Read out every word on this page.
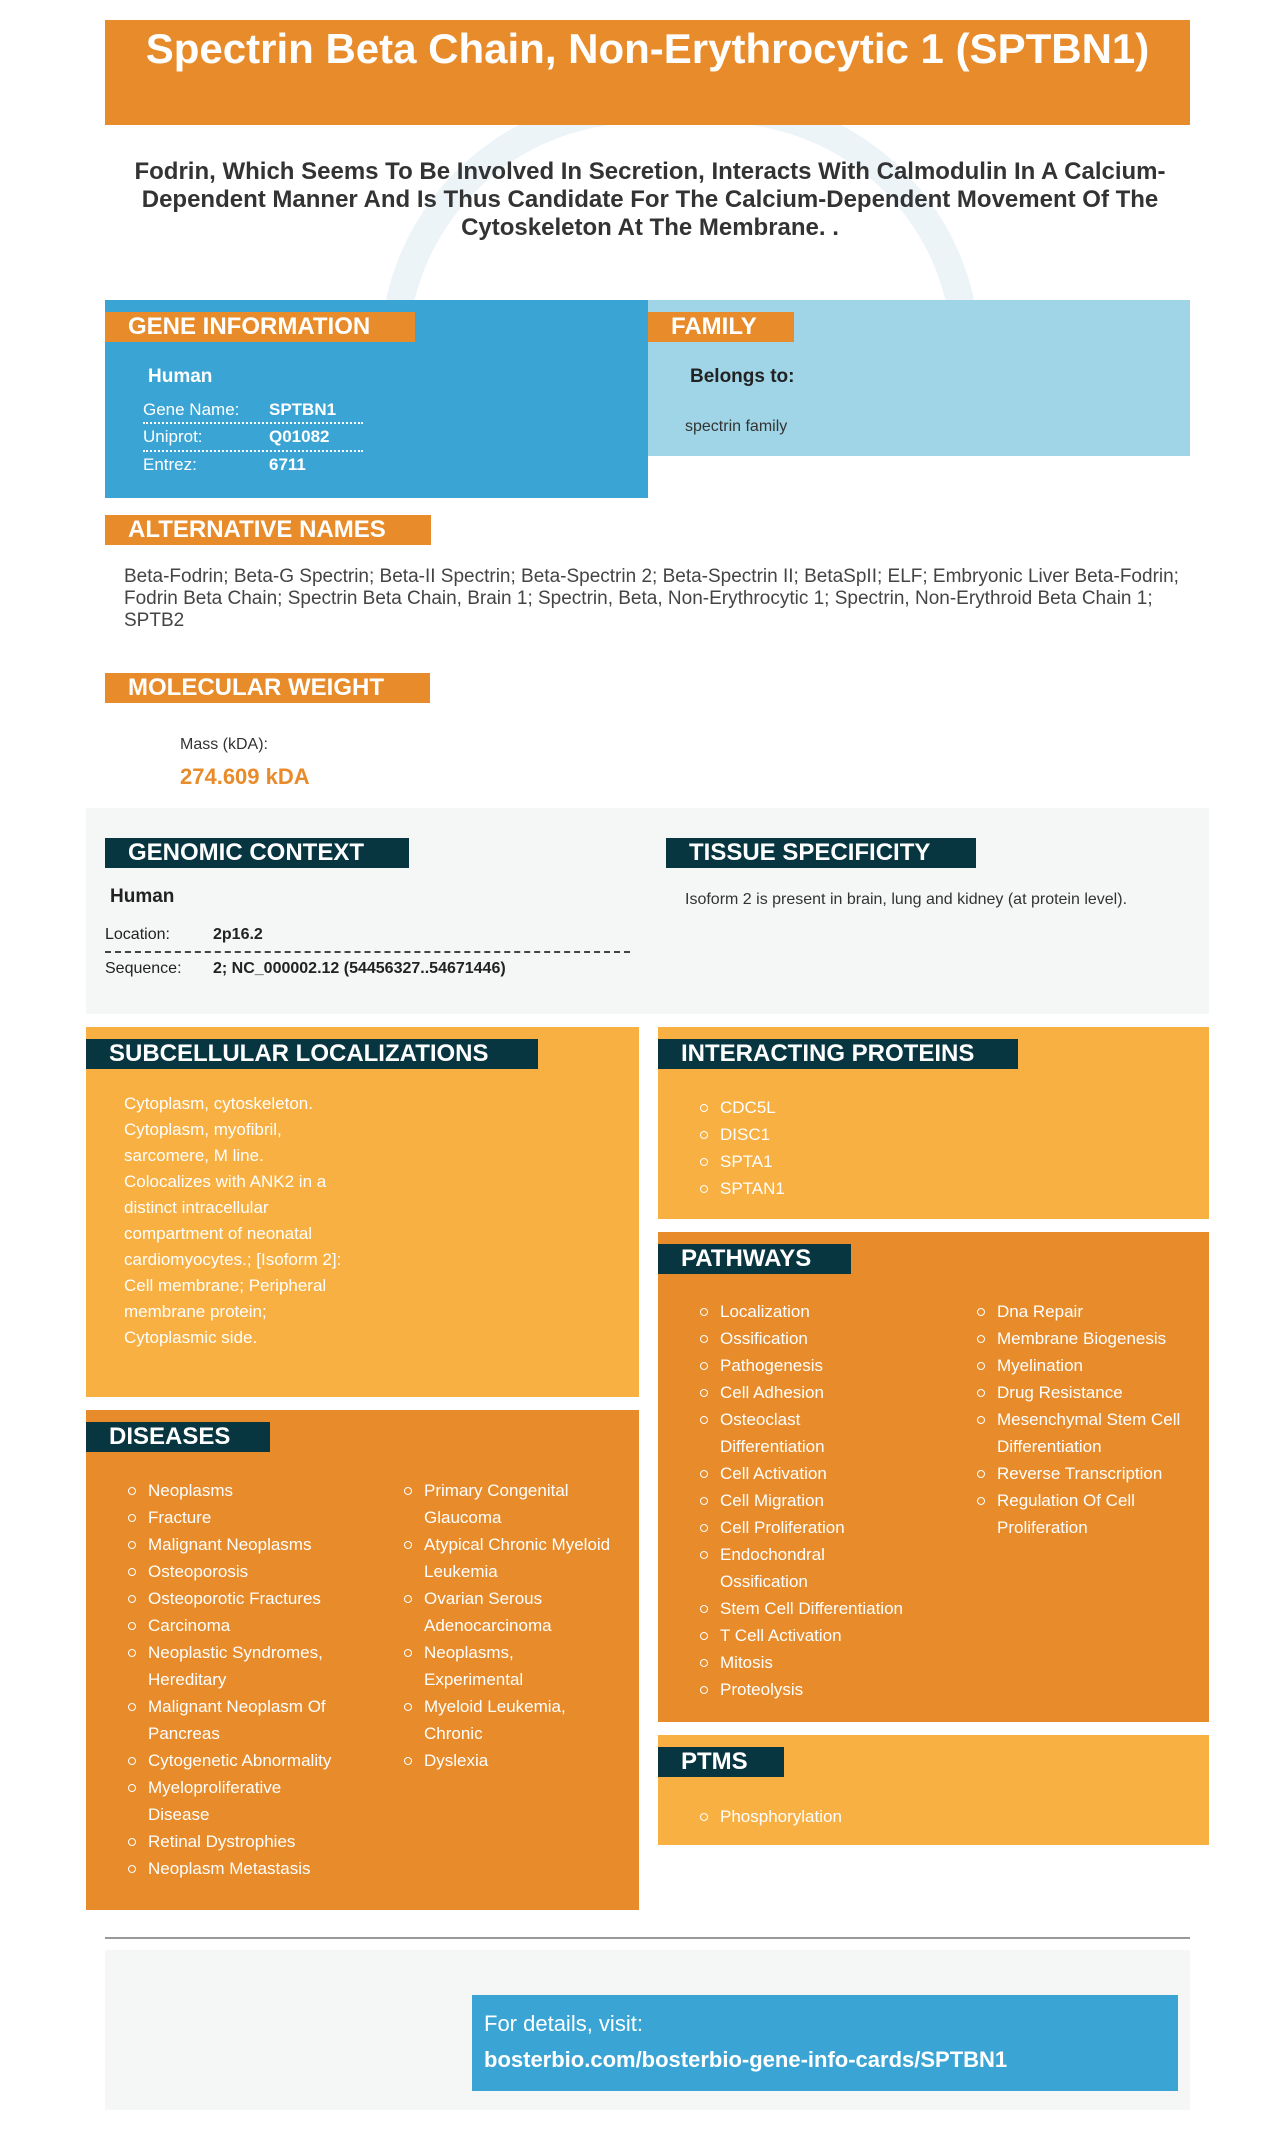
Spectrin Beta Chain, Non-Erythrocytic 1 (SPTBN1)
Fodrin, Which Seems To Be Involved In Secretion, Interacts With Calmodulin In A Calcium-Dependent Manner And Is Thus Candidate For The Calcium-Dependent Movement Of The Cytoskeleton At The Membrane. .
GENE INFORMATION
Human
Gene Name:	SPTBN1
Uniprot:	Q01082
Entrez:	6711
FAMILY
Belongs to:
spectrin family
ALTERNATIVE NAMES
Beta-Fodrin; Beta-G Spectrin; Beta-II Spectrin; Beta-Spectrin 2; Beta-Spectrin II; BetaSpII; ELF; Embryonic Liver Beta-Fodrin; Fodrin Beta Chain; Spectrin Beta Chain, Brain 1; Spectrin, Beta, Non-Erythrocytic 1; Spectrin, Non-Erythroid Beta Chain 1; SPTB2
MOLECULAR WEIGHT
Mass (kDA):
274.609 kDA
GENOMIC CONTEXT
Human
Location:	2p16.2
Sequence: 2; NC_000002.12 (54456327..54671446)
TISSUE SPECIFICITY
Isoform 2 is present in brain, lung and kidney (at protein level).
SUBCELLULAR LOCALIZATIONS
Cytoplasm, cytoskeleton. Cytoplasm, myofibril, sarcomere, M line. Colocalizes with ANK2 in a distinct intracellular compartment of neonatal cardiomyocytes.; [Isoform 2]: Cell membrane; Peripheral membrane protein; Cytoplasmic side.
INTERACTING PROTEINS
CDC5L
DISC1
SPTA1
SPTAN1
PATHWAYS
Localization
Ossification
Pathogenesis
Cell Adhesion
Osteoclast Differentiation
Cell Activation
Cell Migration
Cell Proliferation
Endochondral Ossification
Stem Cell Differentiation
T Cell Activation
Mitosis
Proteolysis
Dna Repair
Membrane Biogenesis
Myelination
Drug Resistance
Mesenchymal Stem Cell Differentiation
Reverse Transcription
Regulation Of Cell Proliferation
DISEASES
Neoplasms
Fracture
Malignant Neoplasms
Osteoporosis
Osteoporotic Fractures
Carcinoma
Neoplastic Syndromes, Hereditary
Malignant Neoplasm Of Pancreas
Cytogenetic Abnormality
Myeloproliferative Disease
Retinal Dystrophies
Neoplasm Metastasis
Primary Congenital Glaucoma
Atypical Chronic Myeloid Leukemia
Ovarian Serous Adenocarcinoma
Neoplasms, Experimental
Myeloid Leukemia, Chronic
Dyslexia	PTMS
Phosphorylation
For details, visit:
bosterbio.com/bosterbio-gene-info-cards/SPTBN1
